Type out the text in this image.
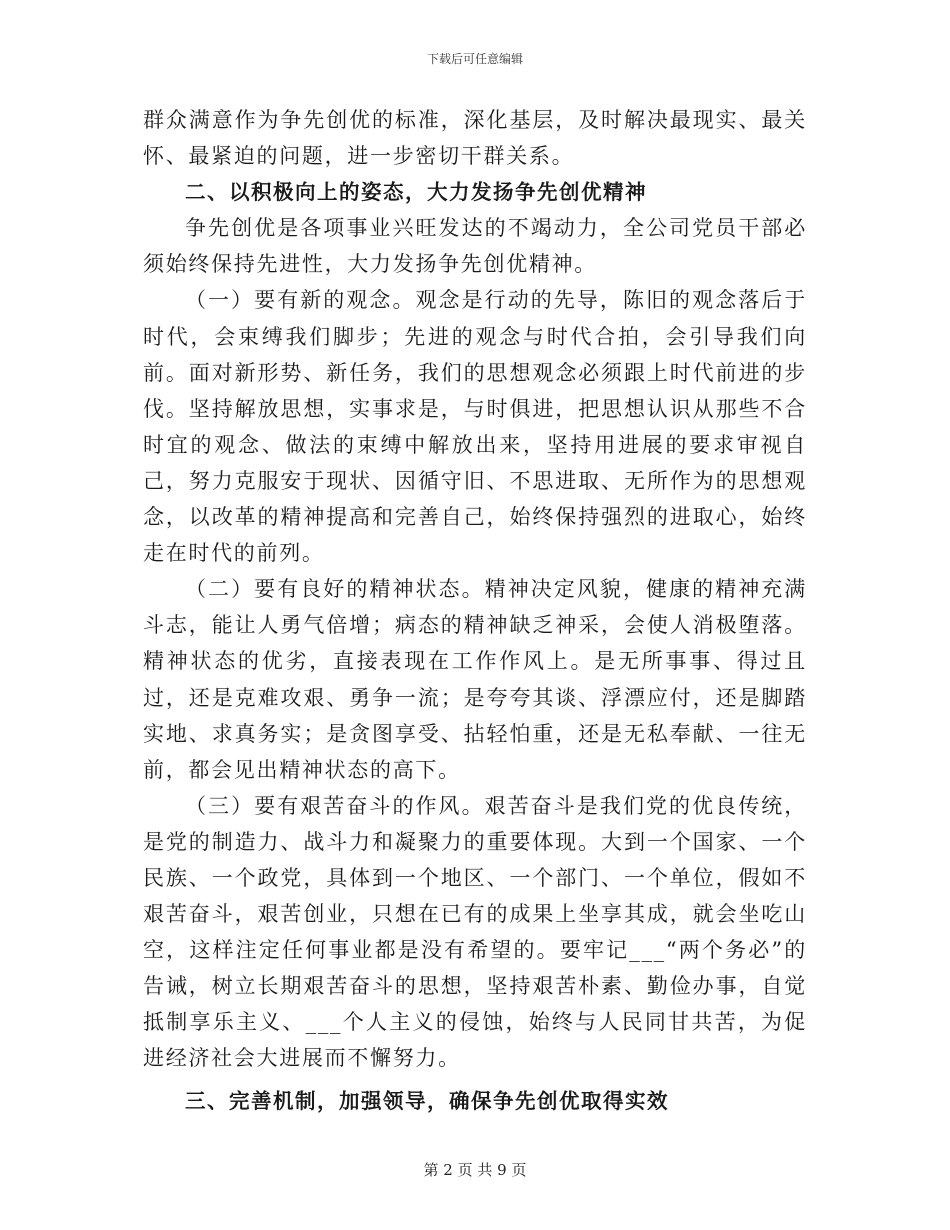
下载后可任意编辑

群众满意作为争先创优的标准，深化基层，及时解决最现实、最关怀、最紧迫的问题，进一步密切干群关系。

二、以积极向上的姿态，大力发扬争先创优精神

争先创优是各项事业兴旺发达的不竭动力，全公司党员干部必须始终保持先进性，大力发扬争先创优精神。

（一）要有新的观念。观念是行动的先导，陈旧的观念落后于时代，会束缚我们脚步；先进的观念与时代合拍，会引导我们向前。面对新形势、新任务，我们的思想观念必须跟上时代前进的步伐。坚持解放思想，实事求是，与时俱进，把思想认识从那些不合时宜的观念、做法的束缚中解放出来，坚持用进展的要求审视自己，努力克服安于现状、因循守旧、不思进取、无所作为的思想观念，以改革的精神提高和完善自己，始终保持强烈的进取心，始终走在时代的前列。

（二）要有良好的精神状态。精神决定风貌，健康的精神充满斗志，能让人勇气倍增；病态的精神缺乏神采，会使人消极堕落。精神状态的优劣，直接表现在工作作风上。是无所事事、得过且过，还是克难攻艰、勇争一流；是夸夸其谈、浮漂应付，还是脚踏实地、求真务实；是贪图享受、拈轻怕重，还是无私奉献、一往无前，都会见出精神状态的高下。

（三）要有艰苦奋斗的作风。艰苦奋斗是我们党的优良传统，是党的制造力、战斗力和凝聚力的重要体现。大到一个国家、一个民族、一个政党，具体到一个地区、一个部门、一个单位，假如不艰苦奋斗，艰苦创业，只想在已有的成果上坐享其成，就会坐吃山空，这样注定任何事业都是没有希望的。要牢记___“两个务必”的告诫，树立长期艰苦奋斗的思想，坚持艰苦朴素、勤俭办事，自觉抵制享乐主义、___个人主义的侵蚀，始终与人民同甘共苦，为促进经济社会大进展而不懈努力。

三、完善机制，加强领导，确保争先创优取得实效

第 2 页 共 9 页
